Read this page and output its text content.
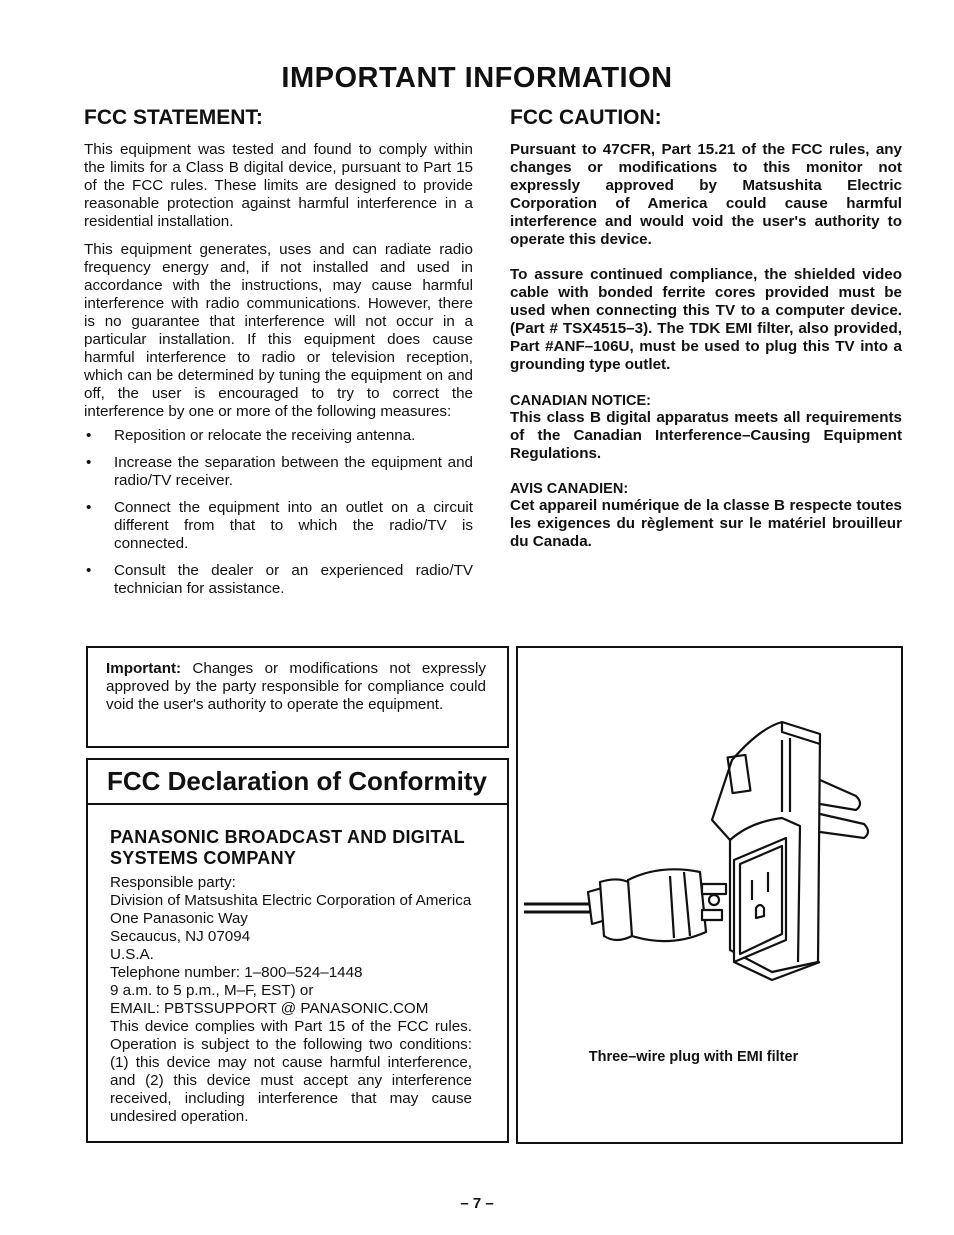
IMPORTANT INFORMATION
FCC STATEMENT:

This equipment was tested and found to comply within the limits for a Class B digital device, pursuant to Part 15 of the FCC rules. These limits are designed to provide reasonable protection against harmful interference in a residential installation.

This equipment generates, uses and can radiate radio frequency energy and, if not installed and used in accordance with the instructions, may cause harmful interference with radio communications. However, there is no guarantee that interference will not occur in a particular installation. If this equipment does cause harmful interference to radio or television reception, which can be determined by tuning the equipment on and off, the user is encouraged to try to correct the interference by one or more of the following measures:

• Reposition or relocate the receiving antenna.
• Increase the separation between the equipment and radio/TV receiver.
• Connect the equipment into an outlet on a circuit different from that to which the radio/TV is connected.
• Consult the dealer or an experienced radio/TV technician for assistance.
FCC CAUTION:

Pursuant to 47CFR, Part 15.21 of the FCC rules, any changes or modifications to this monitor not expressly approved by Matsushita Electric Corporation of America could cause harmful interference and would void the user's authority to operate this device.

To assure continued compliance, the shielded video cable with bonded ferrite cores provided must be used when connecting this TV to a computer device. (Part # TSX4515–3). The TDK EMI filter, also provided, Part #ANF–106U, must be used to plug this TV into a grounding type outlet.

CANADIAN NOTICE:

This class B digital apparatus meets all requirements of the Canadian Interference–Causing Equipment Regulations.

AVIS CANADIEN:

Cet appareil numérique de la classe B respecte toutes les exigences du règlement sur le matériel brouilleur du Canada.

Important: Changes or modifications not expressly approved by the party responsible for compliance could void the user's authority to operate the equipment.
FCC Declaration of Conformity
PANASONIC BROADCAST AND DIGITAL SYSTEMS COMPANY

Responsible party:

Division of Matsushita Electric Corporation of America

One Panasonic Way

Secaucus, NJ 07094

U.S.A.

Telephone number: 1–800–524–1448

9 a.m. to 5 p.m., M–F, EST) or

EMAIL: PBTSSUPPORT @ PANASONIC.COM

This device complies with Part 15 of the FCC rules. Operation is subject to the following two conditions: (1) this device may not cause harmful interference, and (2) this device must accept any interference received, including interference that may cause undesired operation.

Three–wire plug with EMI filter
– 7 –
